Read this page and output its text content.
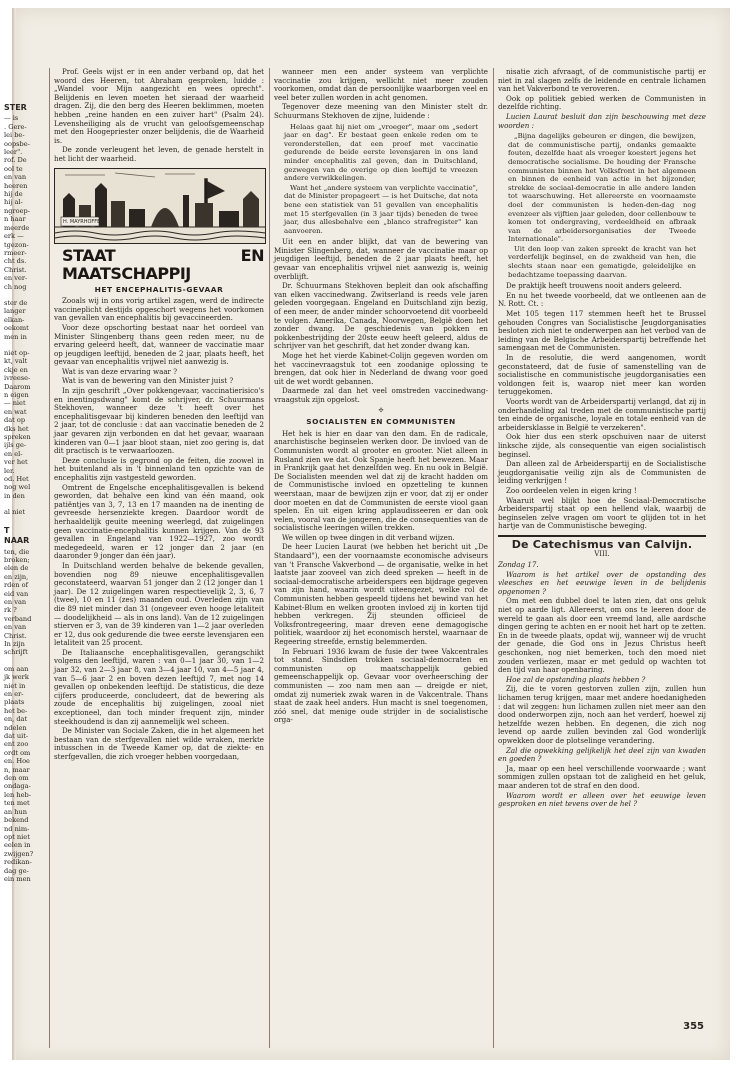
STER
— is
. Gere-
lei be-
oopsbe-
leer".
rof. De
ool te
en van
heeren
hij de
hij al-
ngroep-
n haar
meerde
erk —
tgezon-
rmeer-
cht ds.
Christ.
en ver-
ch nog
ster de
langer
elkan-
oekomt
men in
niet op-
kt, valt
ckje en
ivreese-
Daarom
n eigen
— niet
en wat
dat op
dks het
spreken
ijls ge-
en el-
ver het
ler.
od. Het
nog wel
in den
al niet
T
NAAR
ten, die
broken;
elen de
en zijn,
rden of
eid van
en van
rk ?
verband
en van
Christ.
In zijn
schrijft
om aan
jk werk
niet in
en er-
plaats
het be-
en, dat
ndelen
dat uit-
ent zoo
ordt om
en. Hoe
n, maar
den om
ondaga-
len heb-
ten met
an hun
bekend
nd nim-
opt niet
eelen in
zwijgen?
redikan-
dag ge-
ein men

Prof. Geels wijst er in een ander verband op, dat het woord des Heeren, tot Abraham gesproken, luidde : „Wandel voor Mijn aangezicht en wees oprecht". Belijdenis en leven moeten het sieraad der waarheid dragen. Zij, die den berg des Heeren beklimmen, moeten hebben „reine handen en een zuiver hart" (Psalm 24). Levensheiliging als de vrucht van geloofsgemeenschap met den Hoogepriester onzer belijdenis, die de Waarheid is.

De zonde verleugent het leven, de genade herstelt in het licht der waarheid.

H. MAYRHOFFER
STAAT EN MAATSCHAPPIJ
HET ENCEPHALITIS-GEVAAR

Zooals wij in ons vorig artikel zagen, werd de indirecte vaccineplicht destijds opgeschort wegens het voorkomen van gevallen van encephalitis bij gevaccineerden.

Voor deze opschorting bestaat naar het oordeel van Minister Slingenberg thans geen reden meer, nu de ervaring geleerd heeft, dat, wanneer de vaccinatie maar op jeugdigen leeftijd, beneden de 2 jaar, plaats heeft, het gevaar van encephalitis vrijwel niet aanwezig is.

Wat is van deze ervaring waar ?

Wat is van de bewering van den Minister juist ?

In zijn geschrift „Over pokkengevaar, vaccinatierisico's en inentingsdwang" komt de schrijver, dr. Schuurmans Stekhoven, wanneer deze 't heeft over het encephalitisgevaar bij kinderen beneden den leeftijd van 2 jaar, tot de conclusie : dat aan vaccinatie beneden de 2 jaar gevaren zijn verbonden en dat het gevaar, waaraan kinderen van 0—1 jaar bloot staan, niet zoo gering is, dat dit practisch is te verwaarloozen.

Deze conclusie is gegrond op de feiten, die zoowel in het buitenland als in 't binnenland ten opzichte van de encephalitis zijn vastgesteld geworden.

Omtrent de Engelsche encephalitisgevallen is bekend geworden, dat behalve een kind van één maand, ook patiëntjes van 3, 7, 13 en 17 maanden na de inenting de gevreesde hersenziekte kregen. Daardoor wordt de herhaaldelijk geuite meening weerlegd, dat zuigelingen geen vaccinatie-encephalitis kunnen krijgen. Van de 93 gevallen in Engeland van 1922—1927, zoo wordt medegedeeld, waren er 12 jonger dan 2 jaar (en daaronder 9 jonger dan één jaar).

In Duitschland werden behalve de bekende gevallen, bovendien nog 89 nieuwe encephalitisgevallen geconstateerd, waarvan 51 jonger dan 2 (12 jonger dan 1 jaar). De 12 zuigelingen waren respectievelijk 2, 3, 6, 7 (twee), 10 en 11 (zes) maanden oud. Overleden zijn van die 89 niet minder dan 31 (ongeveer even hooge letaliteit — doodelijkheid — als in ons land). Van de 12 zuigelingen stierven er 3, van de 39 kinderen van 1—2 jaar overleden er 12, dus ook gedurende die twee eerste levensjaren een letaliteit van 25 procent.

De Italiaansche encephalitisgevallen, gerangschikt volgens den leeftijd, waren : van 0—1 jaar 30, van 1—2 jaar 32, van 2—3 jaar 8, van 3—4 jaar 10, van 4—5 jaar 4, van 5—6 jaar 2 en boven dezen leeftijd 7, met nog 14 gevallen op onbekenden leeftijd. De statisticus, die deze cijfers produceerde, concludeert, dat de bewering als zoude de encephalitis bij zuigelingen, zooal niet exceptioneel, dan toch minder frequent zijn, minder steekhoudend is dan zij aannemelijk wel scheen.

De Minister van Sociale Zaken, die in het algemeen het bestaan van de sterfgevallen niet wilde wraken, merkte intusschen in de Tweede Kamer op, dat de ziekte- en sterfgevallen, die zich vroeger hebben voorgedaan,

wanneer men een ander systeem van verplichte vaccinatie zou krijgen, wellicht niet meer zouden voorkomen, omdat dan de persoonlijke waarborgen veel en veel beter zullen worden in acht genomen.

Tegenover deze meening van den Minister stelt dr. Schuurmans Stekhoven de zijne, luidende :

Helaas gaat hij niet om „vroeger", maar om „sedert jaar en dag". Er bestaat geen enkele reden om te veronderstellen, dat een proef met vaccinatie gedurende de beide eerste levensjaren in ons land minder encephalitis zal geven, dan in Duitschland, gezwegen van de overige op dien leeftijd te vreezen andere verwikkelingen.

Want het „andere systeem van verplichte vaccinatie", dat de Minister propageert — is het Duitsche, dat nota bene een statistiek van 51 gevallen van encephalitis met 15 sterfgevallen (in 3 jaar tijds) beneden de twee jaar, dus allesbehalve een „blanco strafregister" kan aanvoeren.

Uit een en ander blijkt, dat van de bewering van Minister Slingenberg, dat, wanneer de vaccinatie maar op jeugdigen leeftijd, beneden de 2 jaar plaats heeft, het gevaar van encephalitis vrijwel niet aanwezig is, weinig overblijft.

Dr. Schuurmans Stekhoven bepleit dan ook afschaffing van elken vaccinedwang. Zwitserland is reeds vele jaren geleden voorgegaan. Engeland en Duitschland zijn bezig, of een meer, de ander minder schoorvoetend dit voorbeeld te volgen. Amerika, Canada, Noorwegen, België doen het zonder dwang. De geschiedenis van pokken en pokkenbestrijding der 20ste eeuw heeft geleerd, aldus de schrijver van het geschrift, dat het zonder dwang kan.

Moge het het vierde Kabinet-Colijn gegeven worden om het vaccinevraagstuk tot een zoodanige oplossing te brengen, dat ook hier in Nederland de dwang voor goed uit de wet wordt gebannen.

Daarmede zal dan het veel omstreden vaccinedwang-vraagstuk zijn opgelost.

✣
SOCIALISTEN EN COMMUNISTEN

Het hek is hier en daar van den dam. En de radicale, anarchistische beginselen werken door. De invloed van de Communisten wordt al grooter en grooter. Niet alleen in Rusland zien we dat. Ook Spanje heeft het bewezen. Maar in Frankrijk gaat het denzelfden weg. En nu ook in België. De Socialisten meenden wel dat zij de kracht hadden om de Communistische invloed en opzetteling te kunnen weerstaan, maar de bewijzen zijn er voor, dat zij er onder door moeten en dat de Communisten de eerste viool gaan spelen. En uit eigen kring applaudisseeren er dan ook velen, vooral van de jongeren, die de consequenties van de socialistische leeringen willen trekken.

We willen op twee dingen in dit verband wijzen.

De heer Lucien Laurat (we hebben het bericht uit „De Standaard"), een der voornaamste economische adviseurs van 't Fransche Vakverbond — de organisatie, welke in het laatste jaar zooveel van zich deed spreken — heeft in de sociaal-democratische arbeiderspers een bijdrage gegeven van zijn hand, waarin wordt uiteengezet, welke rol de Communisten hebben gespeeld tijdens het bewind van het Kabinet-Blum en welken grooten invloed zij in korten tijd hebben verkregen. Zij steunden officieel de Volksfrontregeering, maar dreven eene demagogische politiek, waardoor zij het economisch herstel, waarnaar de Regeering streefde, ernstig belemmerden.

In Februari 1936 kwam de fusie der twee Vakcentrales tot stand. Sindsdien trokken sociaal-democraten en communisten op maatschappelijk gebied gemeenschappelijk op. Gevaar voor overheersching der communisten — zoo nam men aan — dreigde er niet, omdat zij numeriek zwak waren in de Vakcentrale. Thans staat de zaak heel anders. Hun macht is snel toegenomen, zóó snel, dat menige oude strijder in de socialistische orga-

nisatie zich afvraagt, of de communistische partij er niet in zal slagen zelfs de leidende en centrale lichamen van het Vakverbond te veroveren.

Ook op politiek gebied werken de Communisten in dezelfde richting.

Lucien Laurat besluit dan zijn beschouwing met deze woorden :

„Bijna dagelijks gebeuren er dingen, die bewijzen, dat de communistische partij, ondanks gemaakte fouten, dezelfde haat als vroeger koestert jegens het democratische socialisme. De houding der Fransche communisten binnen het Volksfront in het algemeen en binnen de eenheid van actie in het bijzonder, strekke de sociaal-democratie in alle andere landen tot waarschuwing. Het allereerste en voornaamste doel der communisten is heden-den-dag nog evenzeer als vijftien jaar geleden, door cellenbouw te komen tot ondergraving, verdeeldheid en afbraak van de arbeidersorganisaties der Tweede Internationale".

Uit den loop van zaken spreekt de kracht van het verderfelijk beginsel, en de zwakheid van hen, die slechts staan naar een gematigde, geleidelijke en bedachtzame toepassing daarvan.

De praktijk heeft trouwens nooit anders geleerd.

En nu het tweede voorbeeld, dat we ontleenen aan de N. Rott. Ct. :

Met 105 tegen 117 stemmen heeft het te Brussel gehouden Congres van Socialistische Jeugdorganisaties besloten zich niet te onderwerpen aan het verbod van de leiding van de Belgische Arbeiderspartij betreffende het samengaan met de Communisten.

In de resolutie, die werd aangenomen, wordt geconstateerd, dat de fusie of samenstelling van de socialistische en communistische jeugdorganisaties een voldongen feit is, waarop niet meer kan worden teruggekomen.

Voorts wordt van de Arbeiderspartij verlangd, dat zij in onderhandeling zal treden met de communistische partij ten einde de organische, loyale en totale eenheid van de arbeidersklasse in België te verzekeren".

Ook hier dus een sterk opschuiven naar de uiterst linksche zijde, als consequentie van eigen socialistisch beginsel.

Dan alleen zal de Arbeiderspartij en de Socialistische jeugdorganisatie veilig zijn als de Communisten de leiding verkrijgen !

Zoo oordeelen velen in eigen kring !

Waaruit wel blijkt hoe de Sociaal-Democratische Arbeiderspartij staat op een hellend vlak, waarbij de beginselen zelve vragen om voort te glijden tot in het hartje van de Communistische beweging.

De Catechismus van Calvijn.
VIII.

Zondag 17.

Waarom is het artikel over de opstanding des vleesches en het eeuwige leven in de belijdenis opgenomen ?

Om met een dubbel doel te laten zien, dat ons geluk niet op aarde ligt. Allereerst, om ons te leeren door de wereld te gaan als door een vreemd land, alle aardsche dingen gering te achten en er nooit het hart op te zetten. En in de tweede plaats, opdat wij, wanneer wij de vrucht der genade, die God ons in Jezus Christus heeft geschonken, nog niet bemerken, toch den moed niet zouden verliezen, maar er met geduld op wachten tot den tijd van haar openbaring.

Hoe zal de opstanding plaats hebben ?

Zij, die te voren gestorven zullen zijn, zullen hun lichamen terug krijgen, maar met andere hoedanigheden : dat wil zeggen: hun lichamen zullen niet meer aan den dood onderworpen zijn, noch aan het verderf, hoewel zij hetzelfde wezen hebben. En degenen, die zich nog levend op aarde zullen bevinden zal God wonderlijk opwekken door de plotselinge verandering.

Zal die opwekking gelijkelijk het deel zijn van kwaden en goeden ?

Ja, maar op een heel verschillende voorwaarde ; want sommigen zullen opstaan tot de zaligheid en het geluk, maar anderen tot de straf en den dood.

Waarom wordt er alleen over het eeuwige leven gesproken en niet tevens over de hel ?

355
